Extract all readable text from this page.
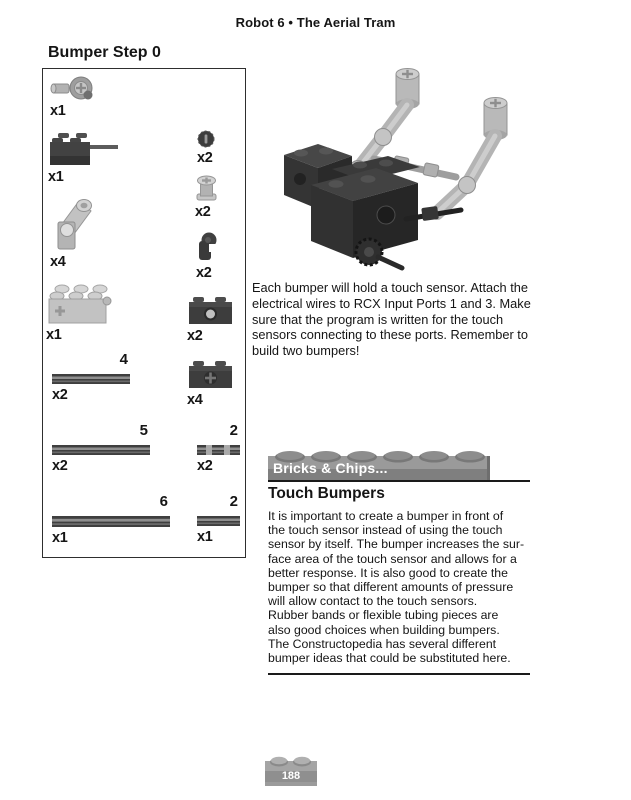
Robot 6 • The Aerial Tram
Bumper Step 0
x1
x1
x4
x1
4
x2
5
x2
6
x1
x2
x2
x2
x2
x4
2
x2
2
x1
Each bumper will hold a touch sensor. Attach the
electrical wires to RCX Input Ports 1 and 3. Make
sure that the program is written for the touch
sensors connecting to these ports. Remember to
build two bumpers!
Bricks & Chips...
Touch Bumpers
It is important to create a bumper in front of
the touch sensor instead of using the touch
sensor by itself. The bumper increases the sur-
face area of the touch sensor and allows for a
better response. It is also good to create the
bumper so that different amounts of pressure
will allow contact to the touch sensors.
Rubber bands or flexible tubing pieces are
also good choices when building bumpers.
The Constructopedia has several different
bumper ideas that could be substituted here.
188
